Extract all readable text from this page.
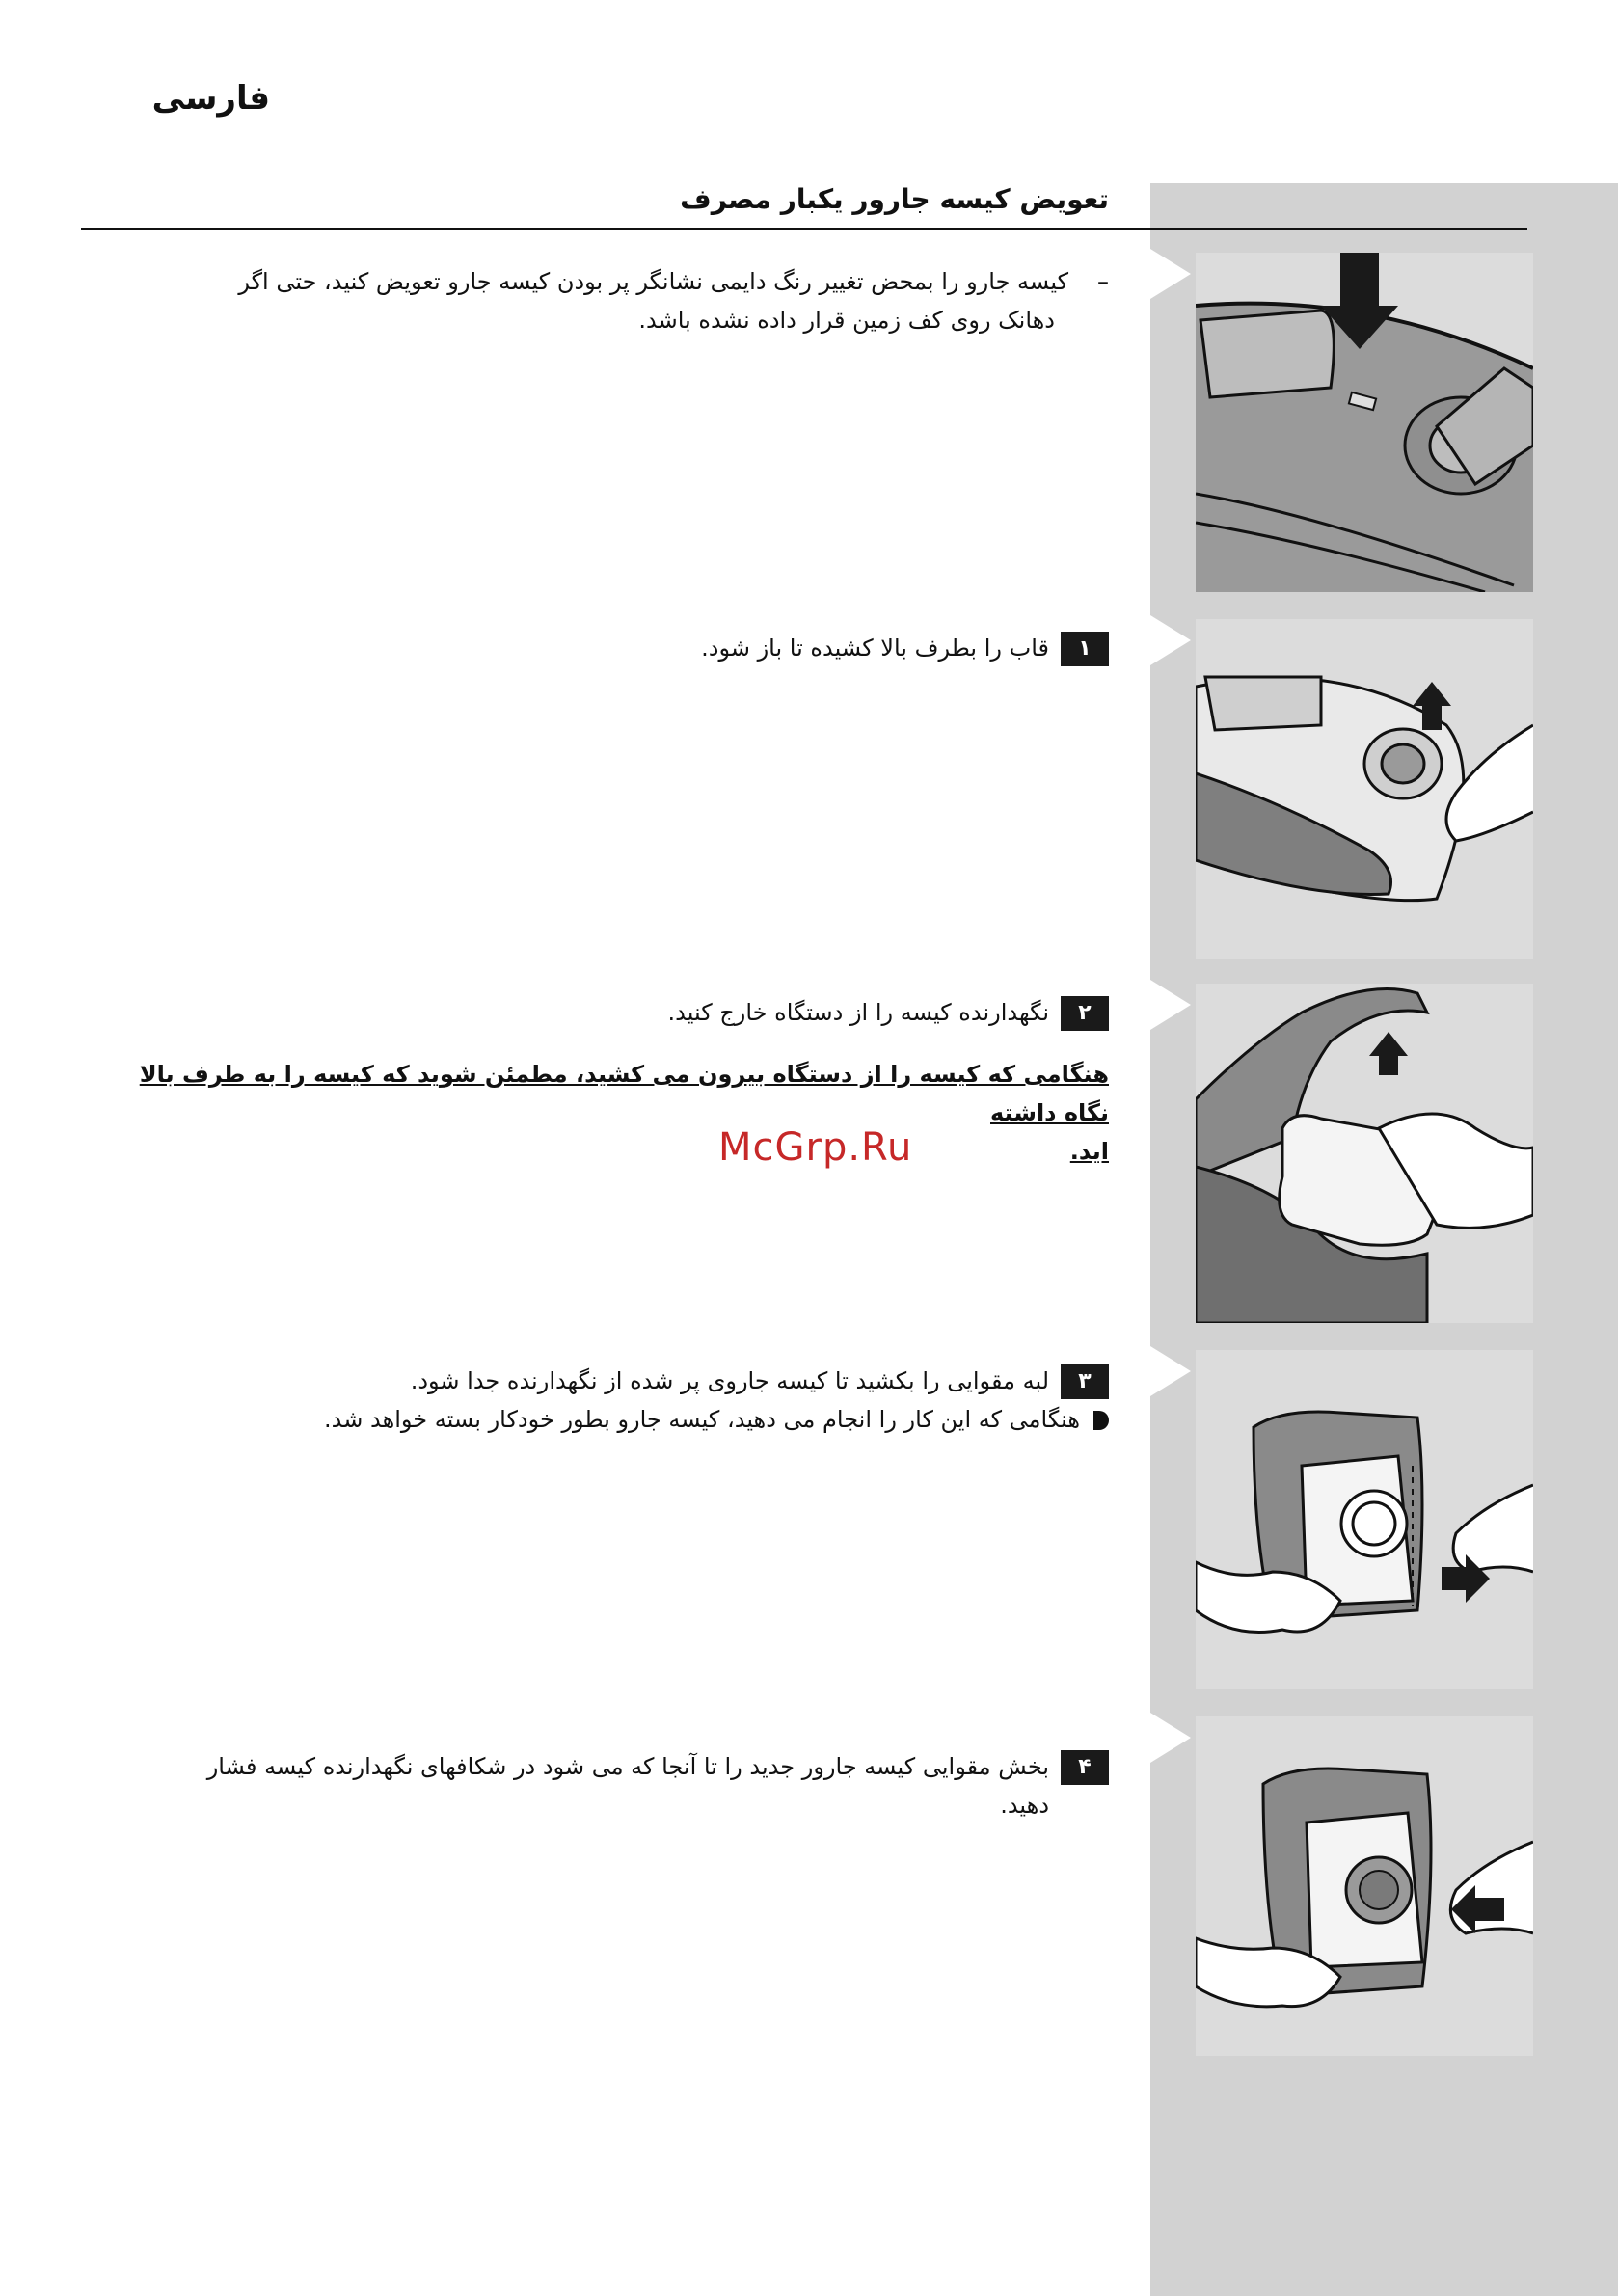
فارسی
تعویض کیسه جارور یکبار مصرف
–کیسه جارو را بمحض تغییر رنگ دایمی نشانگر پر بودن کیسه جارو تعویض کنید، حتی اگر
دهانک روی کف زمین قرار داده نشده باشد.
١قاب را بطرف بالا کشیده تا باز شود.
٢نگهدارنده کیسه را از دستگاه خارج کنید.
هنگامی که کیسه را از دستگاه بیرون می کشید، مطمئن شوید که کیسه را به طرف بالا نگاه داشته
اید.
McGrp.Ru
٣لبه مقوایی را بکشید تا کیسه جاروی پر شده از نگهدارنده جدا شود.
هنگامی که این کار را انجام می دهید، کیسه جارو بطور خودکار بسته خواهد شد.
۴بخش مقوایی کیسه جارور جدید را تا آنجا که می شود در شکافهای نگهدارنده کیسه فشار
دهید.
